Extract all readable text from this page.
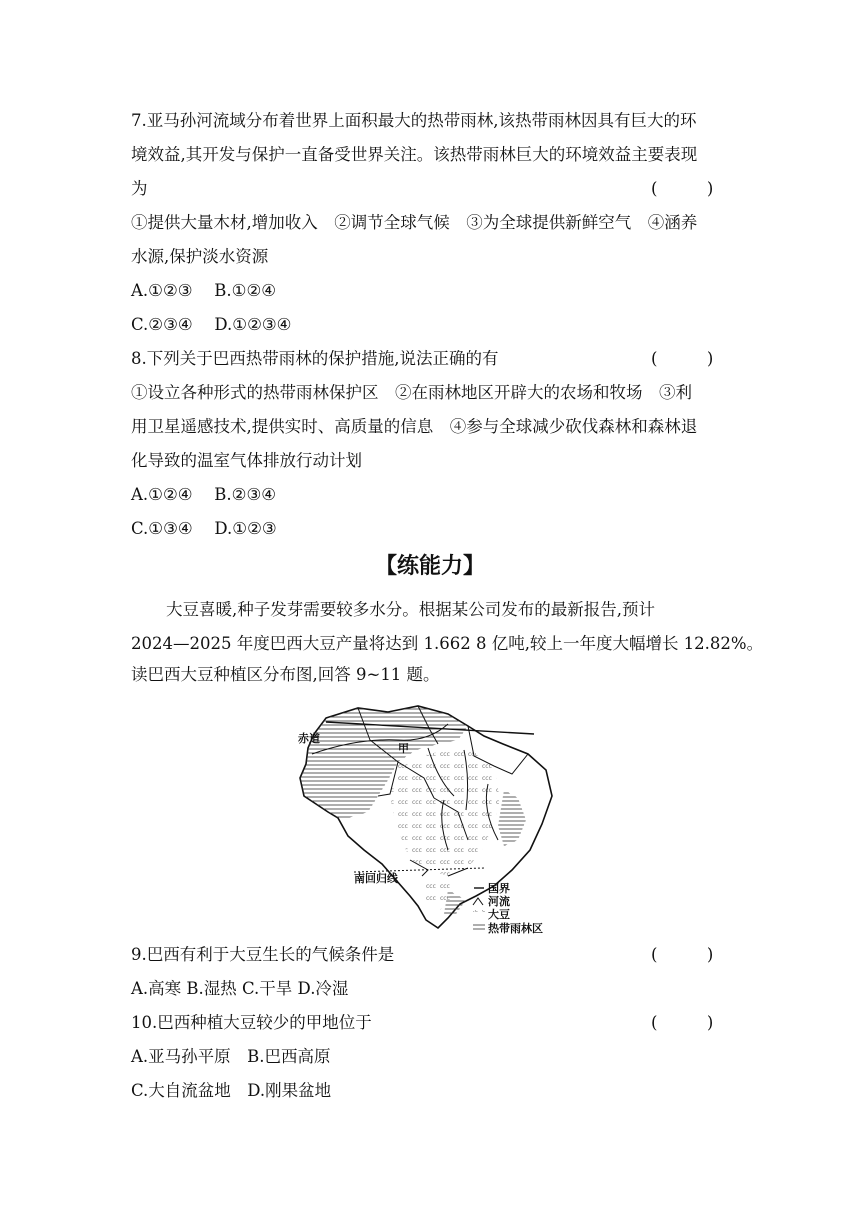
7.亚马孙河流域分布着世界上面积最大的热带雨林,该热带雨林因具有巨大的环
境效益,其开发与保护一直备受世界关注。该热带雨林巨大的环境效益主要表现
为	(　　　)
①提供大量木材,增加收入　②调节全球气候　③为全球提供新鲜空气　④涵养
水源,保护淡水资源
A.①②③　 B.①②④
C.②③④　 D.①②③④
8.下列关于巴西热带雨林的保护措施,说法正确的有	(　　　)
①设立各种形式的热带雨林保护区　②在雨林地区开辟大的农场和牧场　③利
用卫星遥感技术,提供实时、高质量的信息　④参与全球减少砍伐森林和森林退
化导致的温室气体排放行动计划
A.①②④　 B.②③④
C.①③④　 D.①②③
【练能力】
大豆喜暖,种子发芽需要较多水分。根据某公司发布的最新报告,预计
2024—2025 年度巴西大豆产量将达到 1.662 8 亿吨,较上一年度大幅增长 12.82%。
读巴西大豆种植区分布图,回答 9~11 题。
赤道
甲
南回归线
国界
河流
大豆
热带雨林区
9.巴西有利于大豆生长的气候条件是	(　　　)
A.高寒 B.湿热 C.干旱 D.冷湿
10.巴西种植大豆较少的甲地位于	(　　　)
A.亚马孙平原　B.巴西高原
C.大自流盆地　D.刚果盆地
